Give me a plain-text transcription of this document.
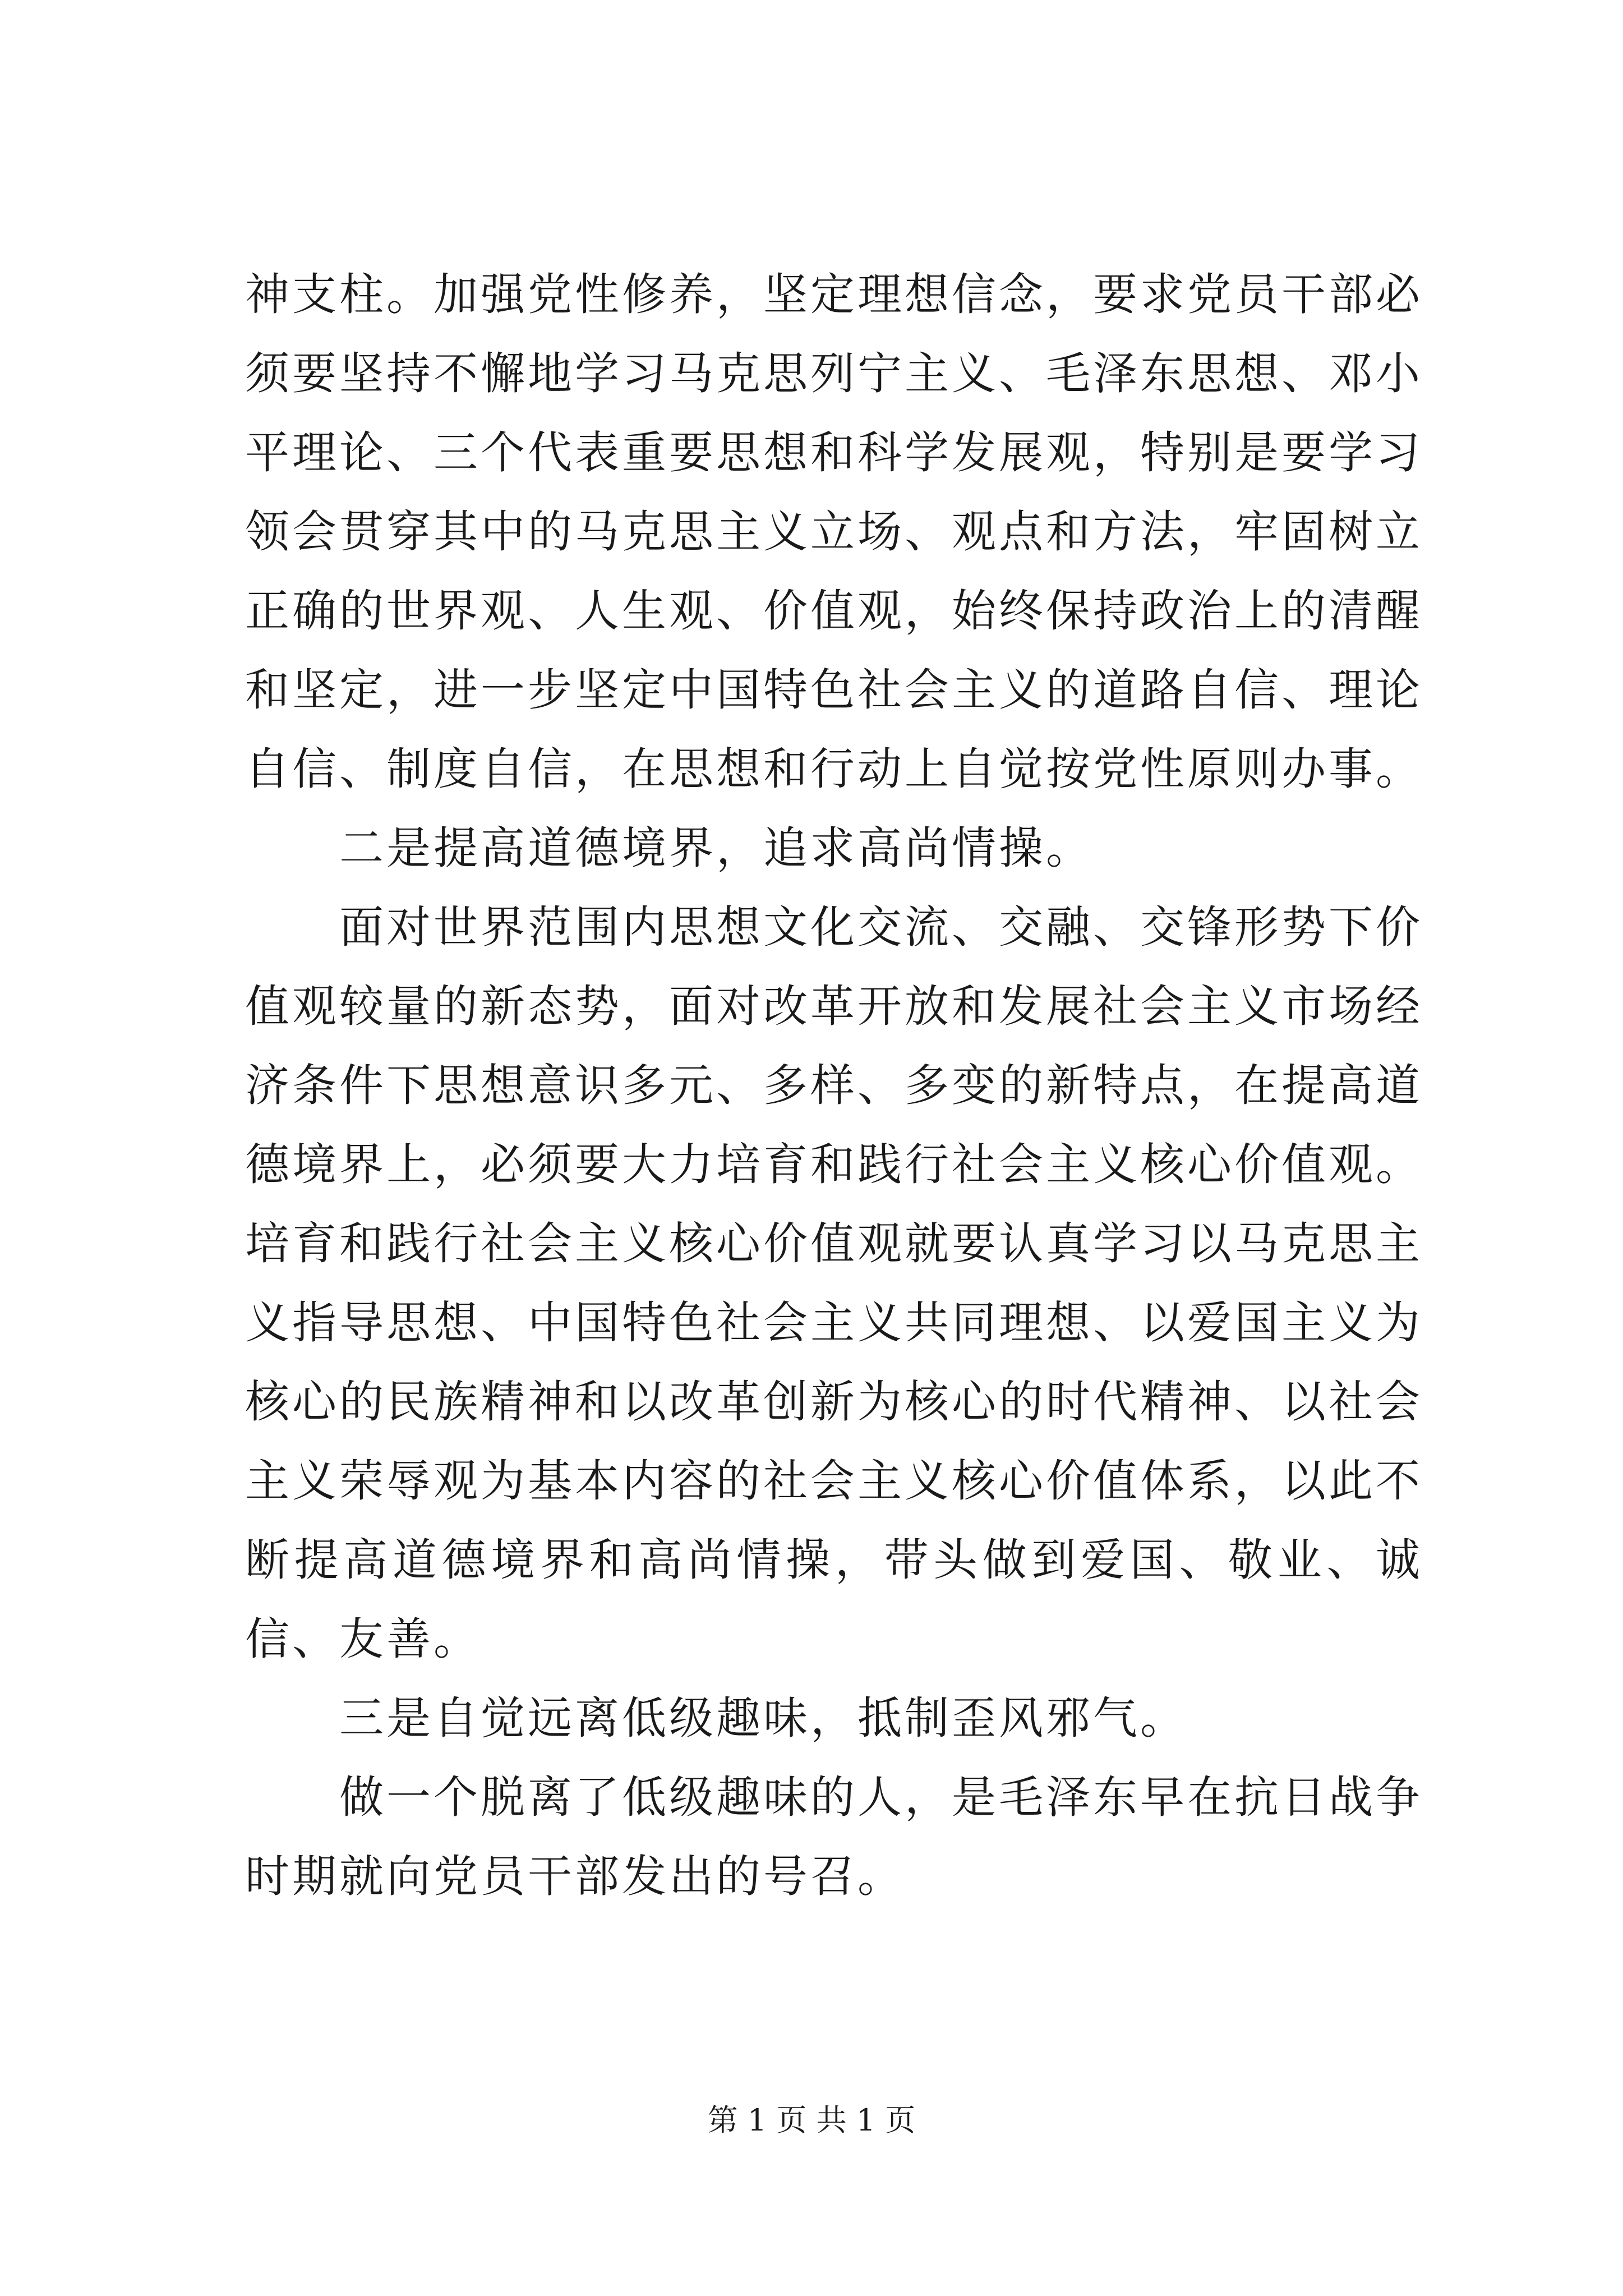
神支柱。加强党性修养，坚定理想信念，要求党员干部必须要坚持不懈地学习马克思列宁主义、毛泽东思想、邓小平理论、三个代表重要思想和科学发展观，特别是要学习领会贯穿其中的马克思主义立场、观点和方法，牢固树立正确的世界观、人生观、价值观，始终保持政治上的清醒和坚定，进一步坚定中国特色社会主义的道路自信、理论自信、制度自信，在思想和行动上自觉按党性原则办事。

二是提高道德境界，追求高尚情操。

面对世界范围内思想文化交流、交融、交锋形势下价值观较量的新态势，面对改革开放和发展社会主义市场经济条件下思想意识多元、多样、多变的新特点，在提高道德境界上，必须要大力培育和践行社会主义核心价值观。培育和践行社会主义核心价值观就要认真学习以马克思主义指导思想、中国特色社会主义共同理想、以爱国主义为核心的民族精神和以改革创新为核心的时代精神、以社会主义荣辱观为基本内容的社会主义核心价值体系，以此不断提高道德境界和高尚情操，带头做到爱国、敬业、诚信、友善。

三是自觉远离低级趣味，抵制歪风邪气。

做一个脱离了低级趣味的人，是毛泽东早在抗日战争时期就向党员干部发出的号召。

第 1 页 共 1 页
